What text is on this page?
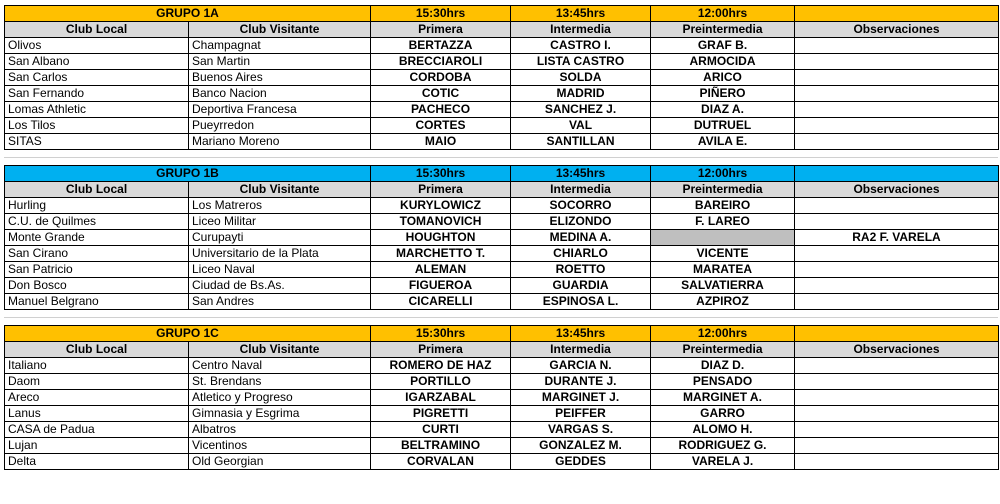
GRUPO 1A		15:30hrs	13:45hrs	12:00hrs	
Club Local	Club Visitante	Primera	Intermedia	Preintermedia	Observaciones
Olivos	Champagnat	BERTAZZA	CASTRO I.	GRAF B.	
San Albano	San Martin	BRECCIAROLI	LISTA CASTRO	ARMOCIDA	
San Carlos	Buenos Aires	CORDOBA	SOLDA	ARICO	
San Fernando	Banco Nacion	COTIC	MADRID	PIÑERO	
Lomas Athletic	Deportiva Francesa	PACHECO	SANCHEZ J.	DIAZ A.	
Los Tilos	Pueyrredon	CORTES	VAL	DUTRUEL	
SITAS	Mariano Moreno	MAIO	SANTILLAN	AVILA E.	
GRUPO 1B		15:30hrs	13:45hrs	12:00hrs	
Club Local	Club Visitante	Primera	Intermedia	Preintermedia	Observaciones
Hurling	Los Matreros	KURYLOWICZ	SOCORRO	BAREIRO	
C.U. de Quilmes	Liceo Militar	TOMANOVICH	ELIZONDO	F. LAREO	
Monte Grande	Curupayti	HOUGHTON	MEDINA A.		RA2 F. VARELA
San Cirano	Universitario de la Plata	MARCHETTO T.	CHIARLO	VICENTE	
San Patricio	Liceo Naval	ALEMAN	ROETTO	MARATEA	
Don Bosco	Ciudad de Bs.As.	FIGUEROA	GUARDIA	SALVATIERRA	
Manuel Belgrano	San Andres	CICARELLI	ESPINOSA L.	AZPIROZ	
GRUPO 1C		15:30hrs	13:45hrs	12:00hrs	
Club Local	Club Visitante	Primera	Intermedia	Preintermedia	Observaciones
Italiano	Centro Naval	ROMERO DE HAZ	GARCIA N.	DIAZ D.	
Daom	St. Brendans	PORTILLO	DURANTE J.	PENSADO	
Areco	Atletico y Progreso	IGARZABAL	MARGINET J.	MARGINET A.	
Lanus	Gimnasia y Esgrima	PIGRETTI	PEIFFER	GARRO	
CASA de Padua	Albatros	CURTI	VARGAS S.	ALOMO H.	
Lujan	Vicentinos	BELTRAMINO	GONZALEZ M.	RODRIGUEZ G.	
Delta	Old Georgian	CORVALAN	GEDDES	VARELA J.	
